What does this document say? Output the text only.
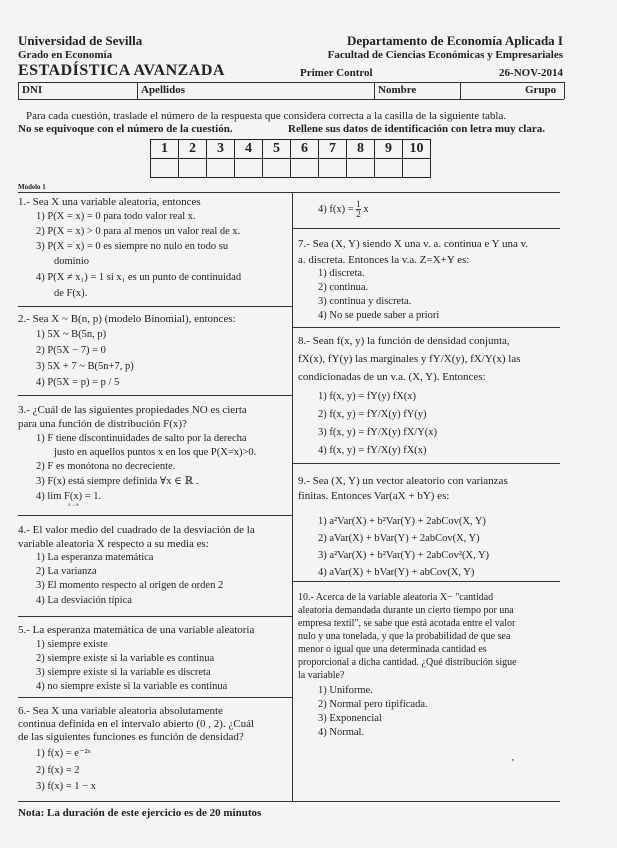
Universidad de Sevilla
Grado en Economía
ESTADÍSTICA AVANZADA
Departamento de Economía Aplicada I
Facultad de Ciencias Económicas y Empresariales
Primer Control	26-NOV-2014
DNI	Apellidos	Nombre	Grupo
Para cada cuestión, traslade el número de la respuesta que considera correcta a la casilla de la siguiente tabla.
No se equivoque con el número de la cuestión.	Rellene sus datos de identificación con letra muy clara.
1	2	3	4	5	6	7	8	9	10

Modelo 1
1.- Sea X una variable aleatoria, entonces
1) P(X = x) = 0 para todo valor real x.
2) P(X = x) > 0 para al menos un valor real de x.
3) P(X = x) = 0 es siempre no nulo en todo su
dominio
4) P(X ≠ x₁) = 1 si x₁ es un punto de continuidad
de F(x).
2.- Sea X ~ B(n, p) (modelo Binomial), entonces:
1) 5X ~ B(5n, p)
2) P(5X − 7) = 0
3) 5X + 7 ~ B(5n+7, p)
4) P(5X = p) = p / 5
3.- ¿Cuál de las siguientes propiedades NO es cierta
para una función de distribución F(x)?
1) F tiene discontinuidades de salto por la derecha
justo en aquellos puntos x en los que P(X=x)>0.
2) F es monótona no decreciente.
3) F(x) está siempre definida ∀x ∈ ℝ .
4) lim F(x) = 1.
x→∞
4.- El valor medio del cuadrado de la desviación de la
variable aleatoria X respecto a su media es:
1) La esperanza matemática
2) La varianza
3) El momento respecto al origen de orden 2
4) La desviación típica
5.- La esperanza matemática de una variable aleatoria
1) siempre existe
2) siempre existe si la variable es continua
3) siempre existe si la variable es discreta
4) no siempre existe si la variable es continua
6.- Sea X una variable aleatoria absolutamente
continua definida en el intervalo abierto (0 , 2). ¿Cuál
de las siguientes funciones es función de densidad?
1) f(x) = e⁻²ˣ
2) f(x) = 2
3) f(x) = 1 − x
4) $f(x) = \frac{1}{2}$ x
7.- Sea (X, Y) siendo X una v. a. continua e Y una v.
a. discreta. Entonces la v.a. Z=X+Y es:
1) discreta.
2) continua.
3) continua y discreta.
4) No se puede saber a priori
8.- Sean f(x, y) la función de densidad conjunta,
fX(x), fY(y) las marginales y fY/X(y), fX/Y(x) las
condicionadas de un v.a. (X, Y). Entonces:
1) f(x, y) = fY(y) fX(x)
2) f(x, y) = fY/X(y) fY(y)
3) f(x, y) = fY/X(y) fX/Y(x)
4) f(x, y) = fY/X(y) fX(x)
9.- Sea (X, Y) un vector aleatorio con varianzas
finitas. Entonces Var(aX + bY) es:
1) a²Var(X) + b²Var(Y) + 2abCov(X, Y)
2) aVar(X) + bVar(Y) + 2abCov(X, Y)
3) a²Var(X) + b²Var(Y) + 2abCov²(X, Y)
4) aVar(X) + bVar(Y) + abCov(X, Y)
10.- Acerca de la variable aleatoria X− "cantidad
aleatoria demandada durante un cierto tiempo por una
empresa textil", se sabe que está acotada entre el valor
nulo y una tonelada, y que la probabilidad de que sea
menor o igual que una determinada cantidad es
proporcional a dicha cantidad. ¿Qué distribución sigue
la variable?
1) Uniforme.
2) Normal pero tipificada.
3) Exponencial
4) Normal.
'
Nota: La duración de este ejercicio es de 20 minutos
